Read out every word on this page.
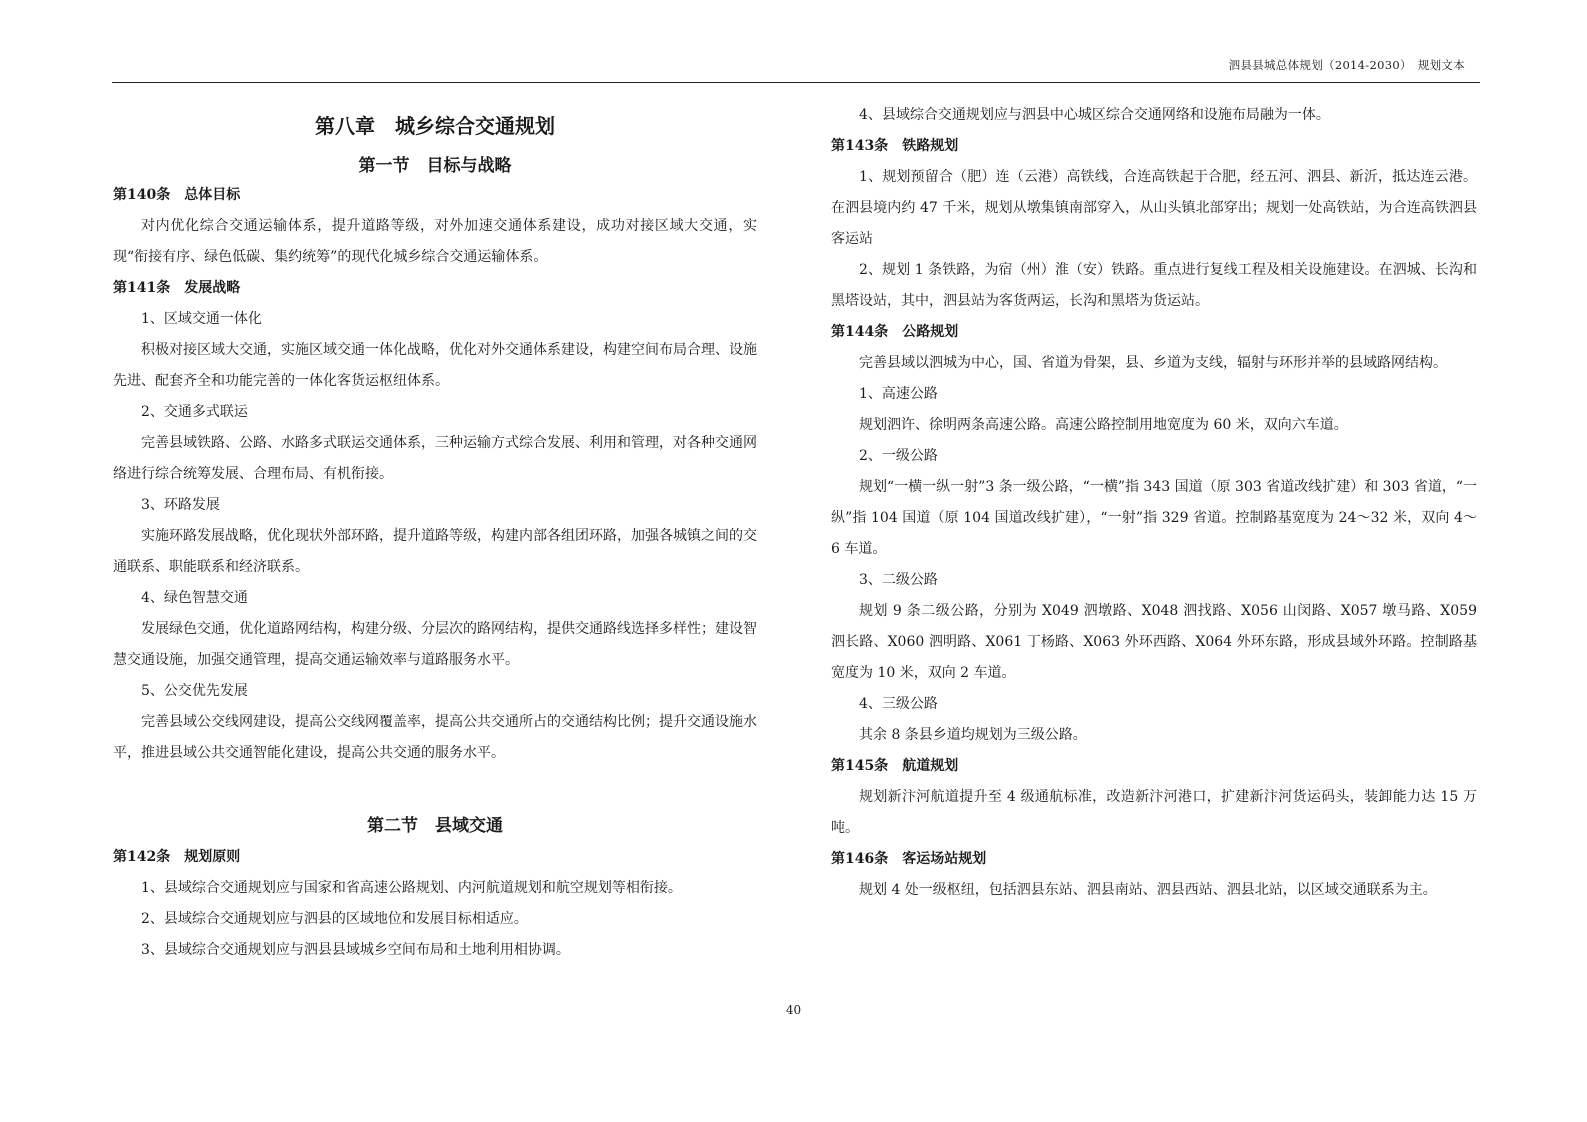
泗县县城总体规划（2014-2030）　规划文本
第八章　城乡综合交通规划
第一节　目标与战略
第140条　总体目标

对内优化综合交通运输体系，提升道路等级，对外加速交通体系建设，成功对接区域大交通，实现“衔接有序、绿色低碳、集约统筹”的现代化城乡综合交通运输体系。

第141条　发展战略

1、区域交通一体化

积极对接区域大交通，实施区域交通一体化战略，优化对外交通体系建设，构建空间布局合理、设施先进、配套齐全和功能完善的一体化客货运枢纽体系。

2、交通多式联运

完善县域铁路、公路、水路多式联运交通体系，三种运输方式综合发展、利用和管理，对各种交通网络进行综合统筹发展、合理布局、有机衔接。

3、环路发展

实施环路发展战略，优化现状外部环路，提升道路等级，构建内部各组团环路，加强各城镇之间的交通联系、职能联系和经济联系。

4、绿色智慧交通

发展绿色交通，优化道路网结构，构建分级、分层次的路网结构，提供交通路线选择多样性；建设智慧交通设施，加强交通管理，提高交通运输效率与道路服务水平。

5、公交优先发展

完善县域公交线网建设，提高公交线网覆盖率，提高公共交通所占的交通结构比例；提升交通设施水平，推进县域公共交通智能化建设，提高公共交通的服务水平。

第二节　县域交通
第142条　规划原则

1、县域综合交通规划应与国家和省高速公路规划、内河航道规划和航空规划等相衔接。

2、县域综合交通规划应与泗县的区域地位和发展目标相适应。

3、县域综合交通规划应与泗县县域城乡空间布局和土地利用相协调。

4、县域综合交通规划应与泗县中心城区综合交通网络和设施布局融为一体。

第143条　铁路规划

1、规划预留合（肥）连（云港）高铁线，合连高铁起于合肥，经五河、泗县、新沂，抵达连云港。在泗县境内约 47 千米，规划从墩集镇南部穿入，从山头镇北部穿出；规划一处高铁站，为合连高铁泗县客运站

2、规划 1 条铁路，为宿（州）淮（安）铁路。重点进行复线工程及相关设施建设。在泗城、长沟和黑塔设站，其中，泗县站为客货两运，长沟和黑塔为货运站。

第144条　公路规划

完善县域以泗城为中心，国、省道为骨架，县、乡道为支线，辐射与环形并举的县域路网结构。

1、高速公路

规划泗许、徐明两条高速公路。高速公路控制用地宽度为 60 米，双向六车道。

2、一级公路

规划“一横一纵一射”3 条一级公路，“一横”指 343 国道（原 303 省道改线扩建）和 303 省道，“一纵”指 104 国道（原 104 国道改线扩建），“一射”指 329 省道。控制路基宽度为 24～32 米，双向 4～6 车道。

3、二级公路

规划 9 条二级公路，分别为 X049 泗墩路、X048 泗找路、X056 山闵路、X057 墩马路、X059 泗长路、X060 泗明路、X061 丁杨路、X063 外环西路、X064 外环东路，形成县域外环路。控制路基宽度为 10 米，双向 2 车道。

4、三级公路

其余 8 条县乡道均规划为三级公路。

第145条　航道规划

规划新汴河航道提升至 4 级通航标准，改造新汴河港口，扩建新汴河货运码头，装卸能力达 15 万吨。

第146条　客运场站规划

规划 4 处一级枢纽，包括泗县东站、泗县南站、泗县西站、泗县北站，以区域交通联系为主。

40
